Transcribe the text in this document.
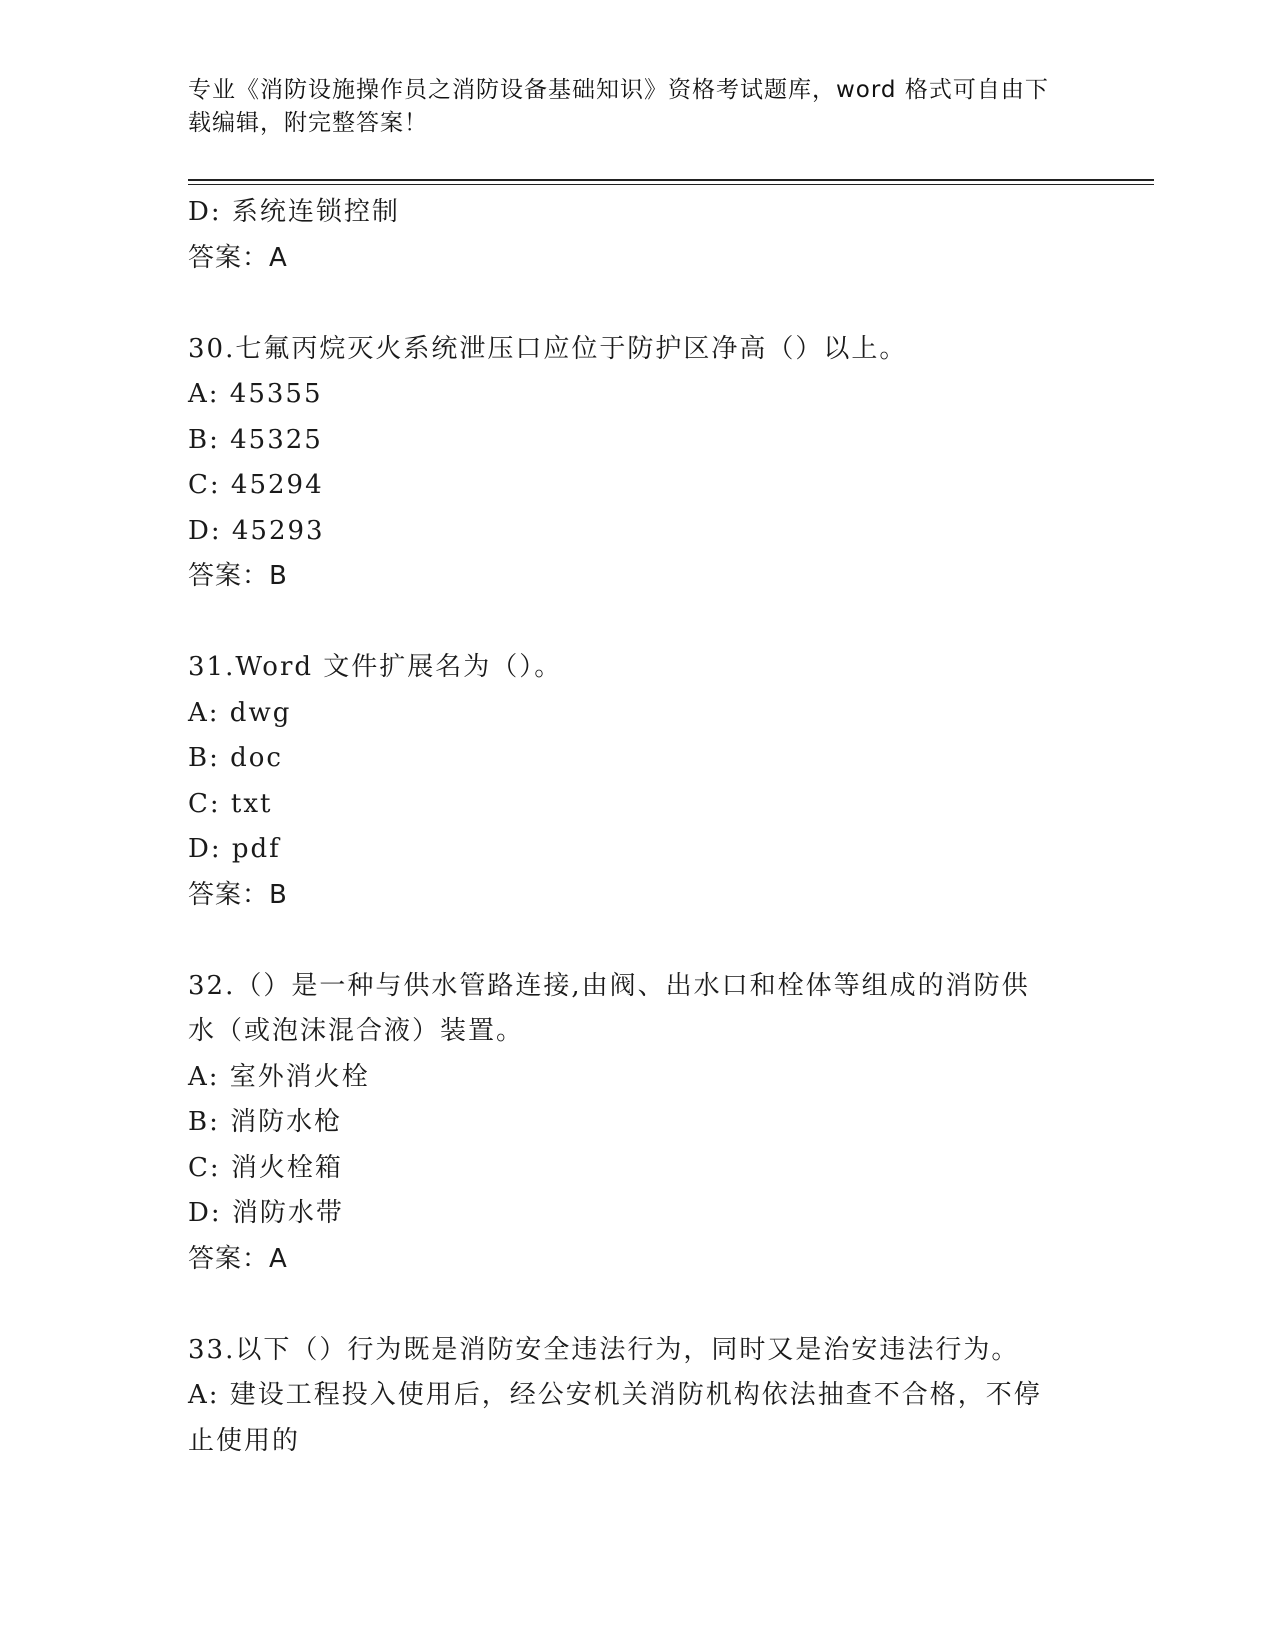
专业《消防设施操作员之消防设备基础知识》资格考试题库，word 格式可自由下
载编辑，附完整答案！
D: 系统连锁控制
答案：A
30.七氟丙烷灭火系统泄压口应位于防护区净高（）以上。
A: 45355
B: 45325
C: 45294
D: 45293
答案：B
31.Word 文件扩展名为（）。
A: dwg
B: doc
C: txt
D: pdf
答案：B
32.（）是一种与供水管路连接,由阀、出水口和栓体等组成的消防供
水（或泡沫混合液）装置。
A: 室外消火栓
B: 消防水枪
C: 消火栓箱
D: 消防水带
答案：A
33.以下（）行为既是消防安全违法行为，同时又是治安违法行为。
A: 建设工程投入使用后，经公安机关消防机构依法抽查不合格，不停
止使用的
